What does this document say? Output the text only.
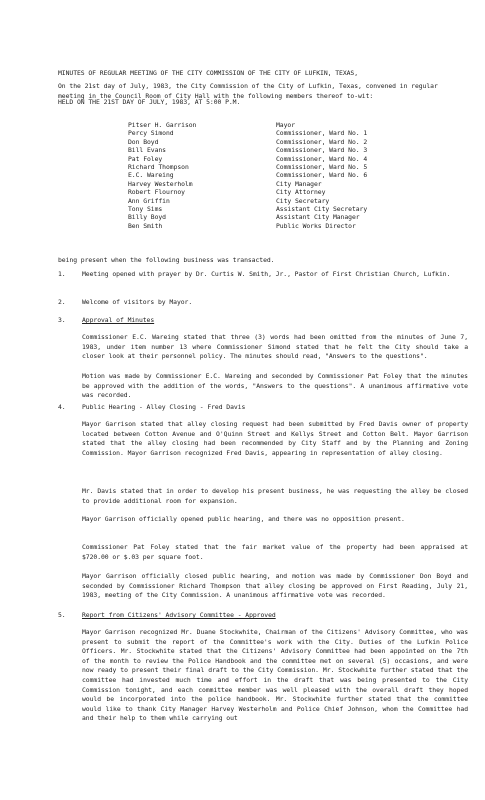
MINUTES OF REGULAR MEETING OF THE CITY COMMISSION OF THE CITY OF LUFKIN, TEXAS,

HELD ON THE 21ST DAY OF JULY, 1983, AT 5:00 P.M.

On the 21st day of July, 1983, the City Commission of the City of Lufkin, Texas, convened in regular meeting in the Council Room of City Hall with the following members thereof to-wit:

Pitser H. Garrison	Mayor
Percy Simond	Commissioner, Ward No. 1
Don Boyd	Commissioner, Ward No. 2
Bill Evans	Commissioner, Ward No. 3
Pat Foley	Commissioner, Ward No. 4
Richard Thompson	Commissioner, Ward No. 5
E.C. Wareing	Commissioner, Ward No. 6
Harvey Westerholm	City Manager
Robert Flournoy	City Attorney
Ann Griffin	City Secretary
Tony Sims	Assistant City Secretary
Billy Boyd	Assistant City Manager
Ben Smith	Public Works Director

being present when the following business was transacted.

1.	Meeting opened with prayer by Dr. Curtis W. Smith, Jr., Pastor of First Christian Church, Lufkin.
2.	Welcome of visitors by Mayor.
3.	Approval of Minutes

Commissioner E.C. Wareing stated that three (3) words had been omitted from the minutes of June 7, 1983, under item number 13 where Commissioner Simond stated that he felt the City should take a closer look at their personnel policy. The minutes should read, "Answers to the questions".

Motion was made by Commissioner E.C. Wareing and seconded by Commissioner Pat Foley that the minutes be approved with the addition of the words, "Answers to the questions". A unanimous affirmative vote was recorded.

4.	Public Hearing - Alley Closing - Fred Davis

Mayor Garrison stated that alley closing request had been submitted by Fred Davis owner of property located between Cotton Avenue and O'Quinn Street and Kellys Street and Cotton Belt. Mayor Garrison stated that the alley closing had been recommended by City Staff and by the Planning and Zoning Commission. Mayor Garrison recognized Fred Davis, appearing in representation of alley closing.

Mr. Davis stated that in order to develop his present business, he was requesting the alley be closed to provide additional room for expansion.

Mayor Garrison officially opened public hearing, and there was no opposition present.

Commissioner Pat Foley stated that the fair market value of the property had been appraised at $720.00 or $.03 per square foot.

Mayor Garrison officially closed public hearing, and motion was made by Commissioner Don Boyd and seconded by Commissioner Richard Thompson that alley closing be approved on First Reading, July 21, 1983, meeting of the City Commission. A unanimous affirmative vote was recorded.

5.	Report from Citizens' Advisory Committee - Approved

Mayor Garrison recognized Mr. Duane Stockwhite, Chairman of the Citizens' Advisory Committee, who was present to submit the report of the Committee's work with the City. Duties of the Lufkin Police Officers. Mr. Stockwhite stated that the Citizens' Advisory Committee had been appointed on the 7th of the month to review the Police Handbook and the committee met on several (5) occasions, and were now ready to present their final draft to the City Commission. Mr. Stockwhite further stated that the committee had invested much time and effort in the draft that was being presented to the City Commission tonight, and each committee member was well pleased with the overall draft they hoped would be incorporated into the police handbook. Mr. Stockwhite further stated that the committee would like to thank City Manager Harvey Westerholm and Police Chief Johnson, whom the Committee had and their help to them while carrying out
